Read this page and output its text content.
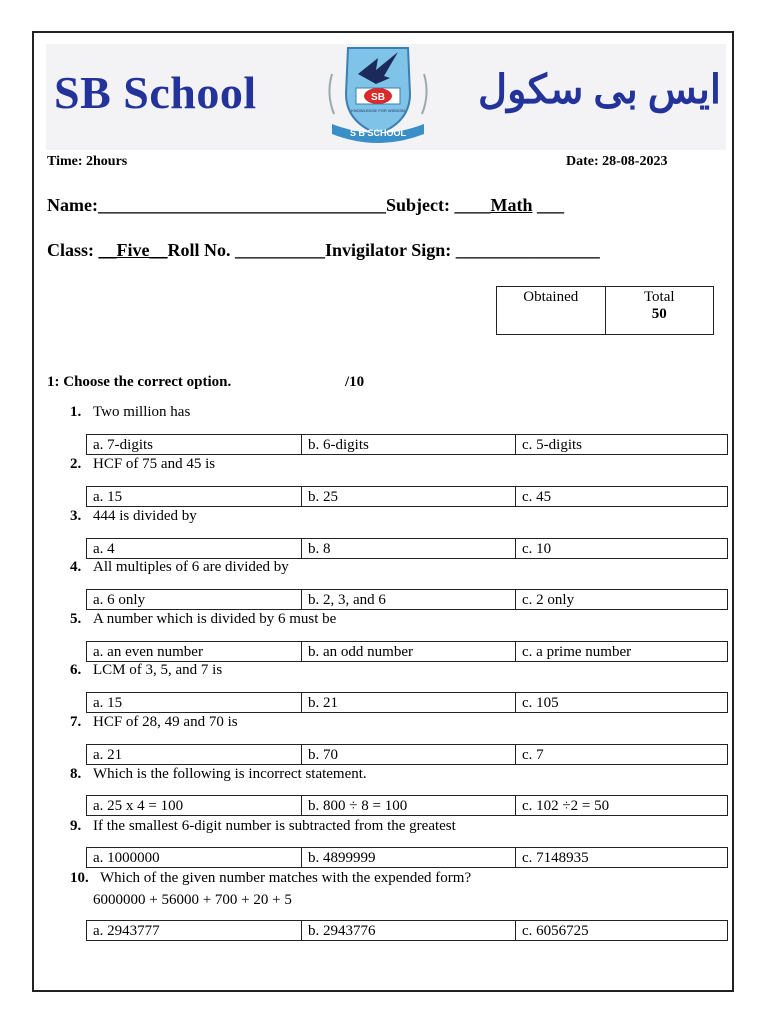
SB School	SB
KNOWLEDGE FOR WISDOM
S B SCHOOL
ایس بی سکول
Time: 2hours	Date: 28-08-2023
Name:________________________________Subject: ____Math ___
Class: __Five__Roll No. __________Invigilator Sign: ________________
Obtained	Total
50
1: Choose the correct option.	/10
1. Two million has
a. 7-digits	b. 6-digits	c. 5-digits
2. HCF of 75 and 45 is
a. 15	b. 25	c. 45
3. 444 is divided by
a. 4	b. 8	c. 10
4. All multiples of 6 are divided by
a. 6 only	b. 2, 3, and 6	c. 2 only
5. A number which is divided by 6 must be
a. an even number	b. an odd number	c. a prime number
6. LCM of 3, 5, and 7 is
a. 15	b. 21	c. 105
7. HCF of 28, 49 and 70 is
a. 21	b. 70	c. 7
8. Which is the following is incorrect statement.
a. 25 x 4 = 100	b. 800 ÷ 8 = 100	c. 102 ÷2 = 50
9. If the smallest 6-digit number is subtracted from the greatest
a. 1000000	b. 4899999	c. 7148935
10. Which of the given number matches with the expended form?
6000000 + 56000 + 700 + 20 + 5
a. 2943777	b. 2943776	c. 6056725
